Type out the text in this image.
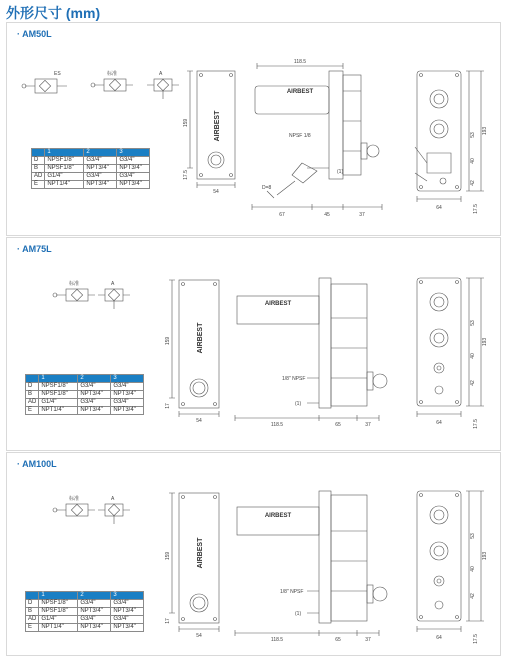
外形尺寸 (mm)
· AM50L
ES	标准	A
AIRBEST
159
17.5
54
AIRBEST
118.5
NPSF 1/8
D=8
(1)
67	45	37
53
40
42
193
64	17.5
	1	2	3
D	NPSF1/8"	G3/4"	G3/4"
B	NPSF1/8"	NPT3/4"	NPT3/4"
AD	G1/4"	G3/4"	G3/4"
E	NPT1/4"	NPT3/4"	NPT3/4"
· AM75L
标准	A
AIRBEST
159
17
54
AIRBEST
1/8" NPSF
(1)
118.5	65	37
53
40
42
193
64	17.5
	1	2	3
D	NPSF1/8"	G3/4"	G3/4"
B	NPSF1/8"	NPT3/4"	NPT3/4"
AD	G1/4"	G3/4"	G3/4"
E	NPT1/4"	NPT3/4"	NPT3/4"
· AM100L
标准	A
AIRBEST
159
17
54
AIRBEST
1/8" NPSF
(1)
118.5	65	37
53
40
42
193
64	17.5
	1	2	3
D	NPSF1/8"	G3/4"	G3/4"
B	NPSF1/8"	NPT3/4"	NPT3/4"
AD	G1/4"	G3/4"	G3/4"
E	NPT1/4"	NPT3/4"	NPT3/4"
